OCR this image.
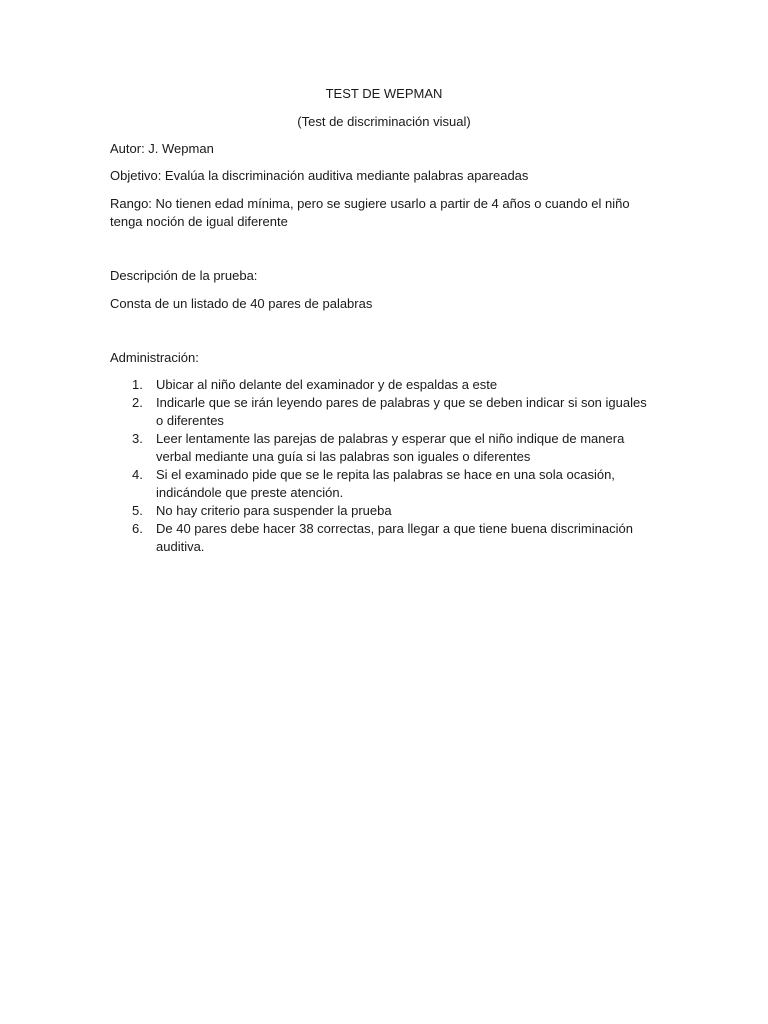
TEST DE WEPMAN
(Test de discriminación visual)
Autor: J. Wepman
Objetivo: Evalúa la discriminación auditiva mediante palabras apareadas
Rango: No tienen edad mínima, pero se sugiere usarlo a partir de 4 años o cuando el niño tenga noción de igual diferente
Descripción de la prueba:
Consta de un listado de 40 pares de palabras
Administración:
1. Ubicar al niño delante del examinador y de espaldas a este
2. Indicarle que se irán leyendo pares de palabras y que se deben indicar si son iguales o diferentes
3. Leer lentamente las parejas de palabras y esperar que el niño indique de manera verbal mediante una guía si las palabras son iguales o diferentes
4. Si el examinado pide que se le repita las palabras se hace en una sola ocasión, indicándole que preste atención.
5. No hay criterio para suspender la prueba
6. De 40 pares debe hacer 38 correctas, para llegar a que tiene buena discriminación auditiva.
